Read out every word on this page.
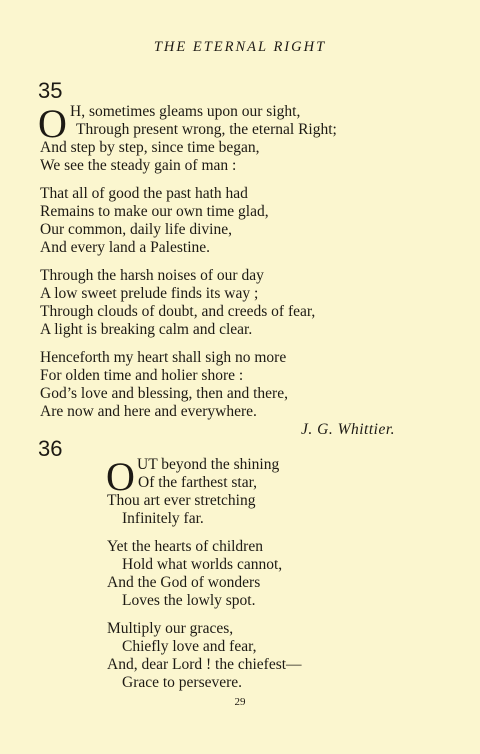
THE ETERNAL RIGHT
35
O H, sometimes gleams upon our sight,
Through present wrong, the eternal Right;
And step by step, since time began,
We see the steady gain of man :
That all of good the past hath had
Remains to make our own time glad,
Our common, daily life divine,
And every land a Palestine.
Through the harsh noises of our day
A low sweet prelude finds its way ;
Through clouds of doubt, and creeds of fear,
A light is breaking calm and clear.
Henceforth my heart shall sigh no more
For olden time and holier shore :
God’s love and blessing, then and there,
Are now and here and everywhere.
J. G. Whittier.
36
O UT beyond the shining
Of the farthest star,
Thou art ever stretching
Infinitely far.
Yet the hearts of children
Hold what worlds cannot,
And the God of wonders
Loves the lowly spot.
Multiply our graces,
Chiefly love and fear,
And, dear Lord ! the chiefest—
Grace to persevere.
29
